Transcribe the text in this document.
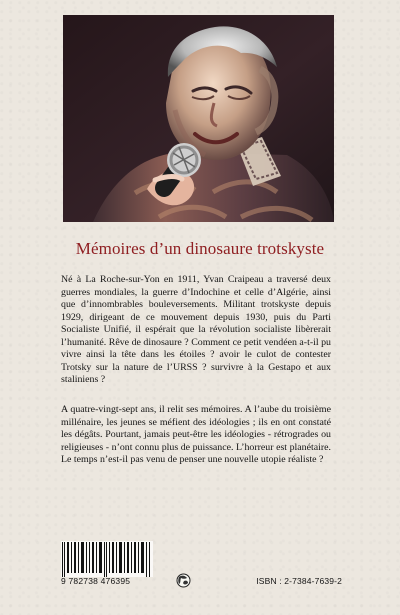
Mémoires d’un dinosaure trotskyste

Né à La Roche-sur-Yon en 1911, Yvan Craipeau a traversé deux guerres mondiales, la guerre d’Indochine et celle d’Algérie, ainsi que d’innombrables bouleversements. Militant trotskyste depuis 1929, dirigeant de ce mouvement depuis 1930, puis du Parti Socialiste Unifié, il espérait que la révolution socialiste libèrerait l’humanité. Rêve de dinosaure ? Comment ce petit vendéen a-t-il pu vivre ainsi la tête dans les étoiles ? avoir le culot de contester Trotsky sur la nature de l’URSS ? survivre à la Gestapo et aux staliniens ?

A quatre-vingt-sept ans, il relit ses mémoires. A l’aube du troisième millénaire, les jeunes se méfient des idéologies ; ils en ont constaté les dégâts. Pourtant, jamais peut-être les idéologies - rétrogrades ou religieuses - n’ont connu plus de puissance. L’horreur est planétaire. Le temps n’est-il pas venu de penser une nouvelle utopie réaliste ?

9 782738 476395	ISBN : 2-7384-7639-2
